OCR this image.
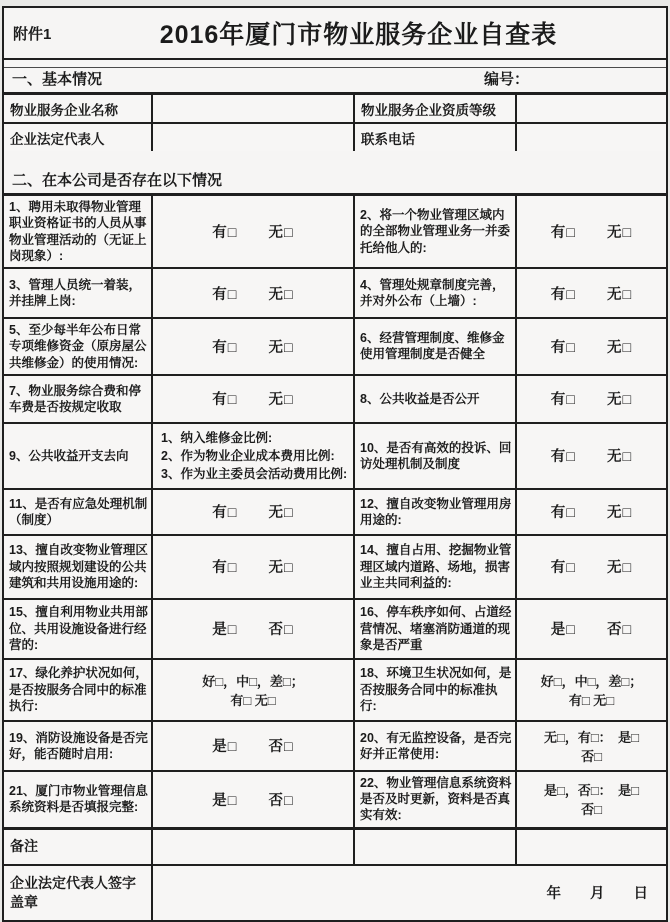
附件1	2016年厦门市物业服务企业自查表
一、基本情况	编号：
物业服务企业名称		物业服务企业资质等级	
企业法定代表人		联系电话	
二、在本公司是否存在以下情况
1、聘用未取得物业管理职业资格证书的人员从事物业管理活动的（无证上岗现象）:	有□　　无□	2、将一个物业管理区域内的全部物业管理业务一并委托给他人的:	有□　　无□

3、管理人员统一着装，并挂牌上岗:	有□　　无□	4、管理处规章制度完善，并对外公布（上墙）:	有□　　无□

5、至少每半年公布日常专项维修资金（原房屋公共维修金）的使用情况:	有□　　无□	6、经营管理制度、维修金使用管理制度是否健全	有□　　无□

7、物业服务综合费和停车费是否按规定收取	有□　　无□	8、公共收益是否公开	有□　　无□

9、公共收益开支去向	1、纳入维修金比例:
2、作为物业企业成本费用比例:
3、作为业主委员会活动费用比例:	10、是否有高效的投诉、回访处理机制及制度	有□　　无□

11、是否有应急处理机制（制度）	有□　　无□	12、擅自改变物业管理用房用途的:	有□　　无□

13、擅自改变物业管理区域内按照规划建设的公共建筑和共用设施用途的:	有□　　无□	14、擅自占用、挖掘物业管理区域内道路、场地，损害业主共同利益的:	有□　　无□

15、擅自利用物业共用部位、共用设施设备进行经营的:	是□　　否□	16、停车秩序如何、占道经营情况、堵塞消防通道的现象是否严重	是□　　否□

17、绿化养护状况如何，是否按服务合同中的标准执行:	
好□，中□，差□；
有□ 无□
	18、环境卫生状况如何，是否按服务合同中的标准执行:	
好□，中□，差□；
有□ 无□

19、消防设施设备是否完好，能否随时启用:	是□　　否□	20、有无监控设备，是否完好并正常使用:	无□，有□：　是□
否□

21、厦门市物业管理信息系统资料是否填报完整:	是□　　否□	22、物业管理信息系统资料是否及时更新，资料是否真实有效:	是□，否□：　是□
否□

备注			
企业法定代表人签字盖章	年　　月　　日		
